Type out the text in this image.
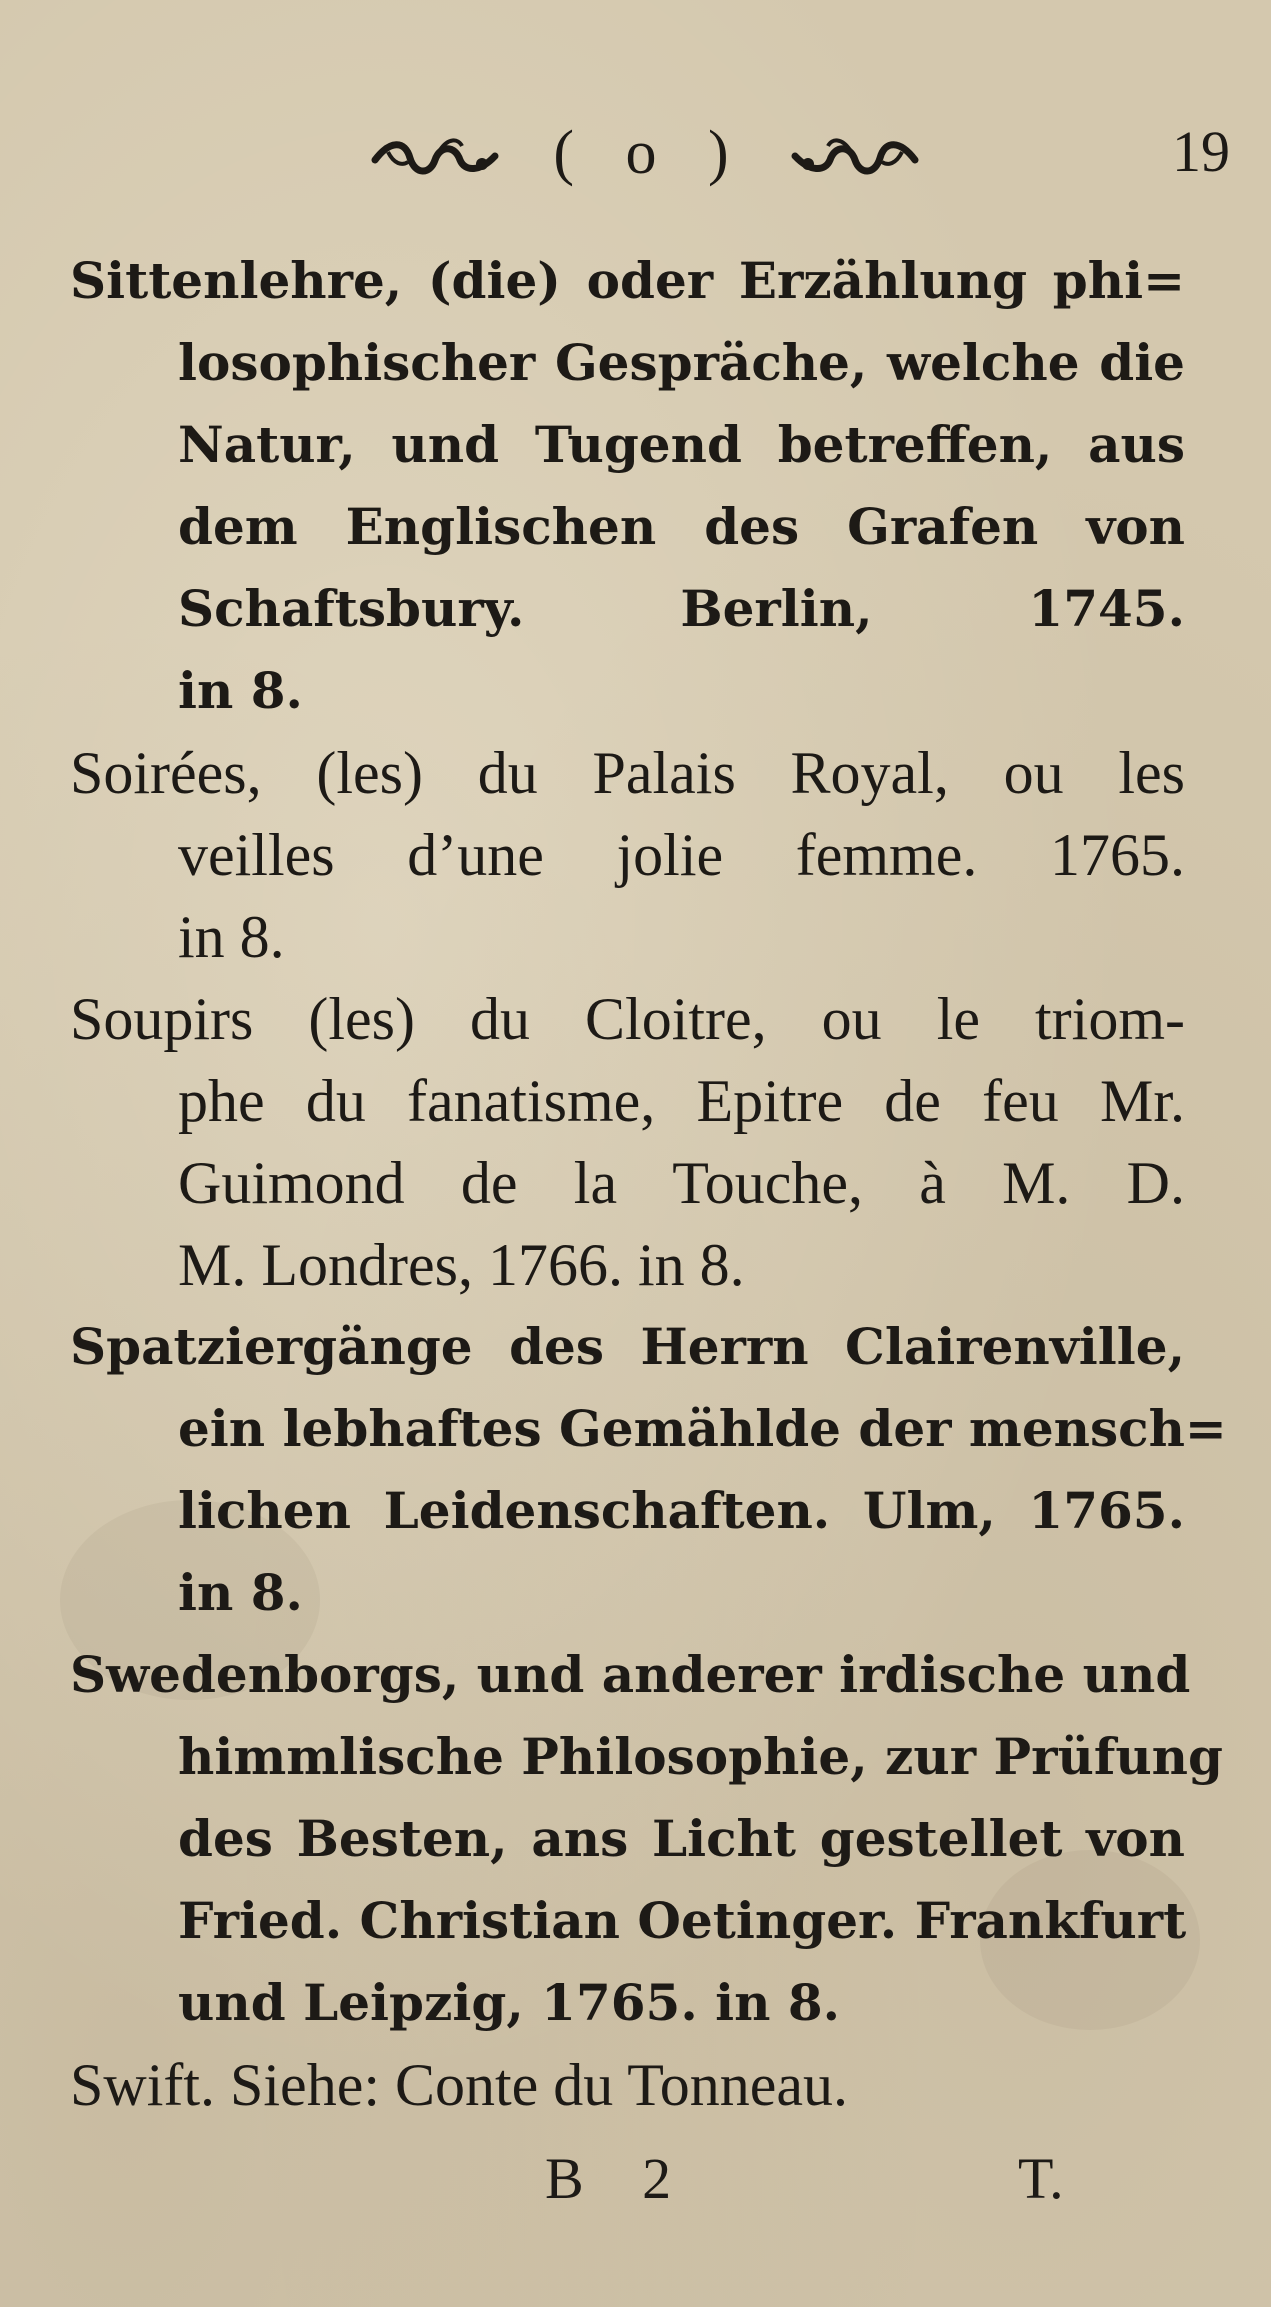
( o )	19
Sittenlehre, (die) oder Erzählung phi=
losophischer Gespräche, welche die
Natur, und Tugend betreffen, aus
dem Englischen des Grafen von
Schaftsbury. Berlin, 1745.
in 8.
Soirées, (les) du Palais Royal, ou les
veilles d’une jolie femme. 1765.
in 8.
Soupirs (les) du Cloitre, ou le triom-
phe du fanatisme, Epitre de feu Mr.
Guimond de la Touche, à M. D.
M. Londres, 1766. in 8.
Spatziergänge des Herrn Clairenville,
ein lebhaftes Gemählde der mensch=
lichen Leidenschaften. Ulm, 1765.
in 8.
Swedenborgs, und anderer irdische und
himmlische Philosophie, zur Prüfung
des Besten, ans Licht gestellet von
Fried. Christian Oetinger. Frankfurt
und Leipzig, 1765. in 8.
Swift. Siehe: Conte du Tonneau.
B 2	T.
